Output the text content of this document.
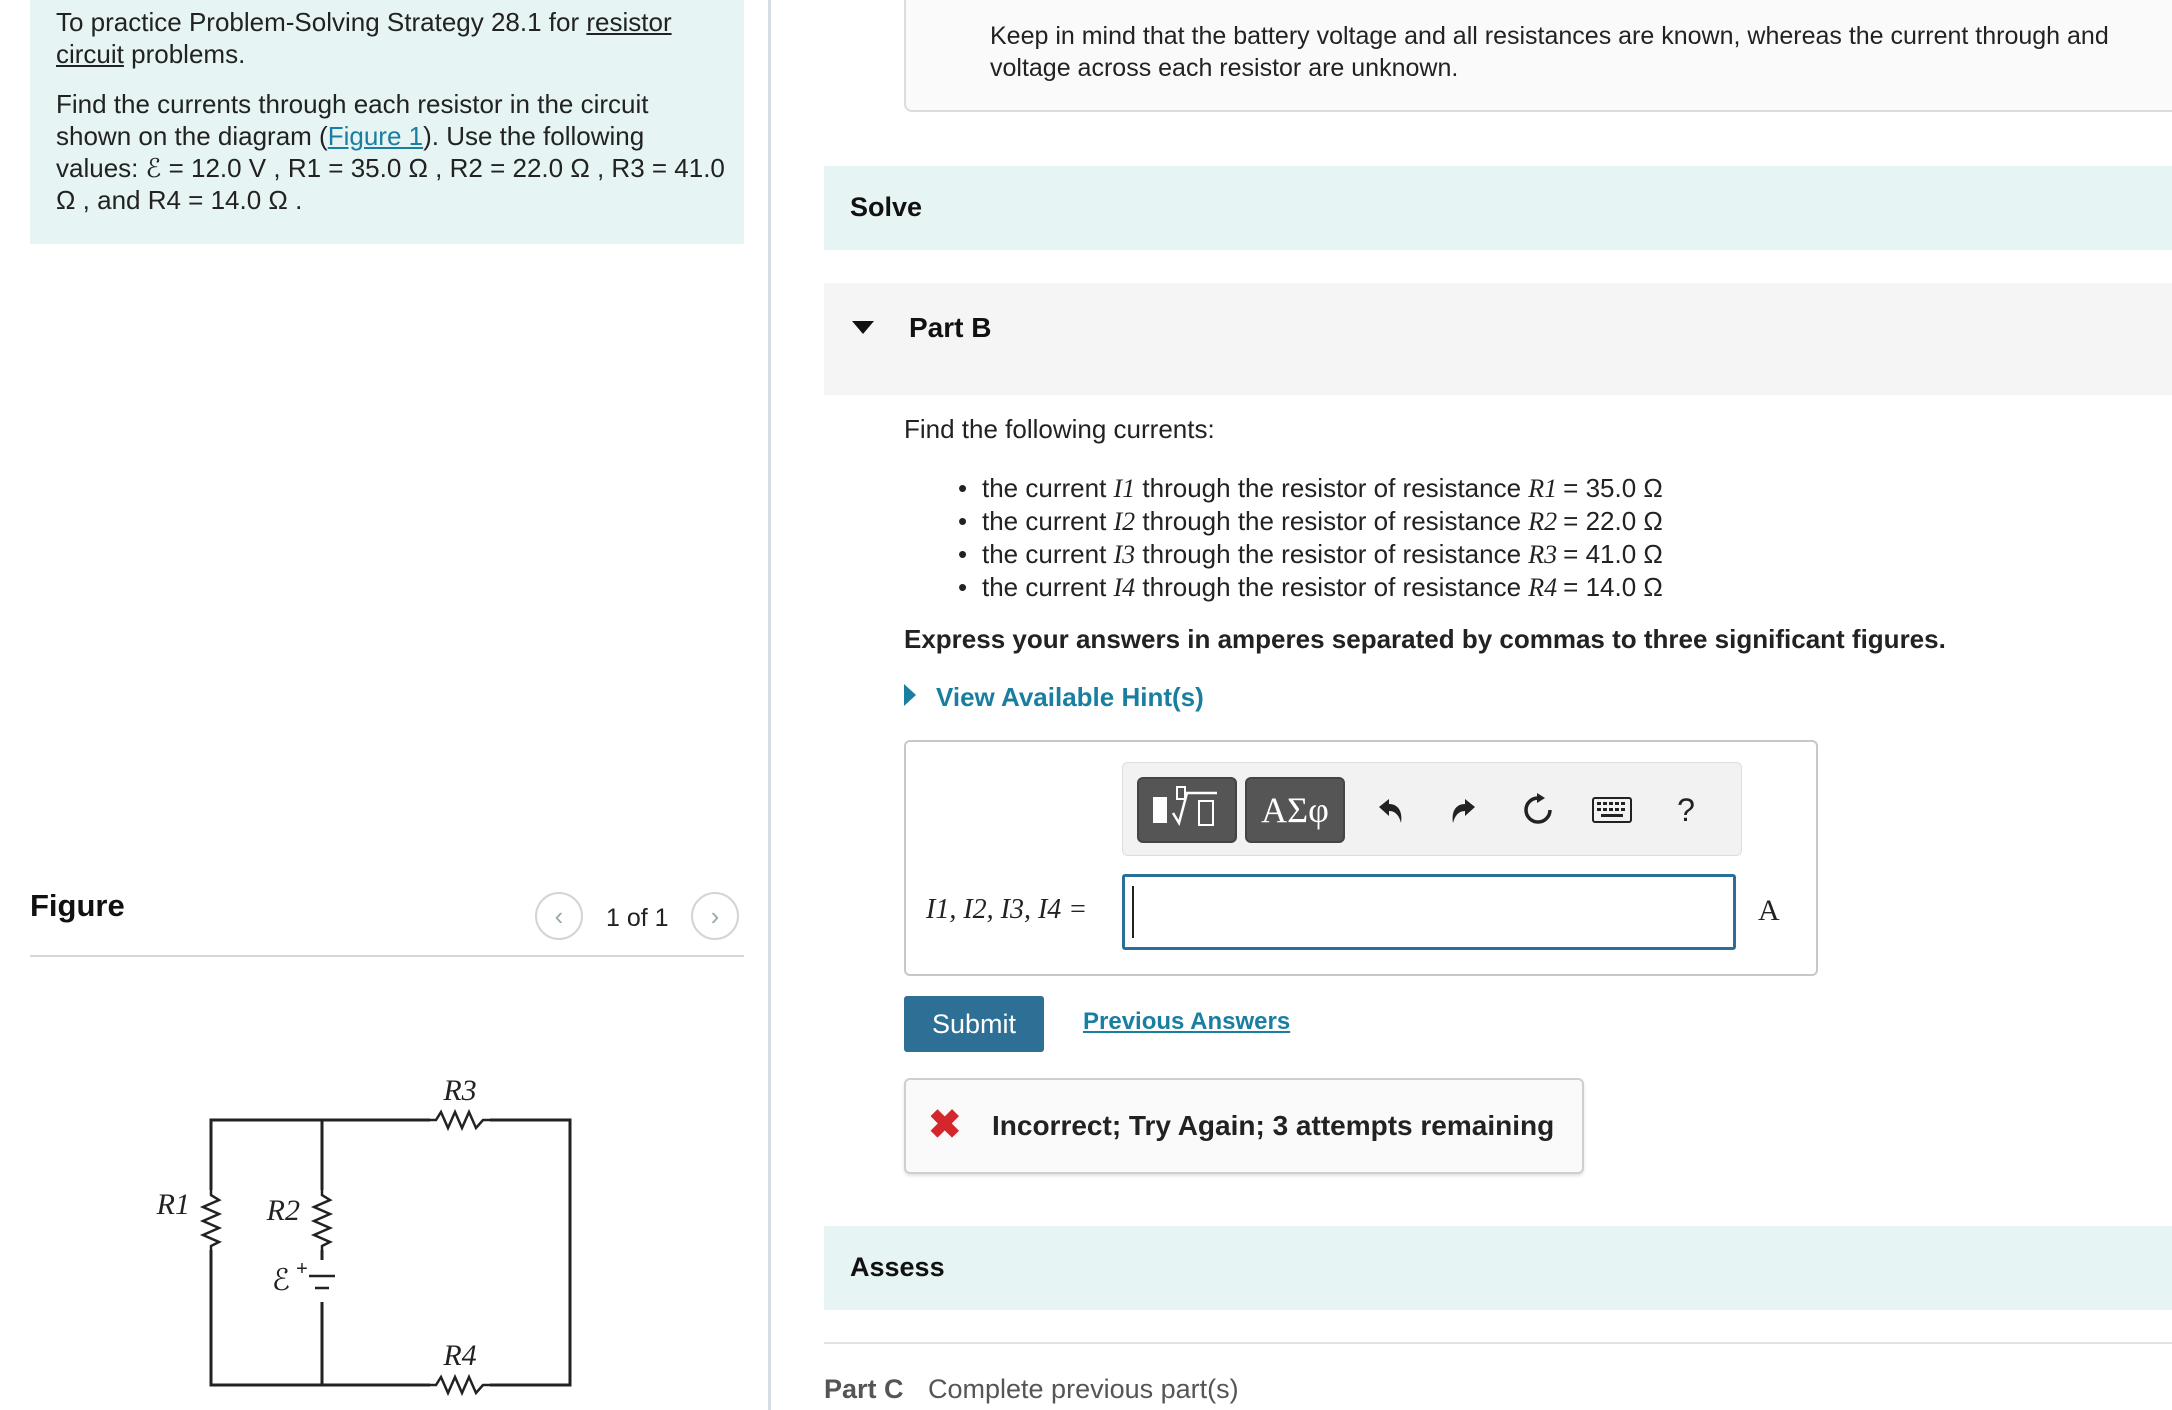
To practice Problem-Solving Strategy 28.1 for resistor circuit problems.

Find the currents through each resistor in the circuit shown on the diagram (Figure 1). Use the following values: ℰ = 12.0 V , R1 = 35.0 Ω , R2 = 22.0 Ω , R3 = 41.0 Ω , and R4 = 14.0 Ω .

Figure	‹ 1 of 1 ›
R1	R2
R3
R4
ℰ +

Keep in mind that the battery voltage and all resistances are known, whereas the current through and voltage across each resistor are unknown.

Solve
Part B
Find the following currents:
• the current I1 through the resistor of resistance R1 = 35.0 Ω
• the current I2 through the resistor of resistance R2 = 22.0 Ω
• the current I3 through the resistor of resistance R3 = 41.0 Ω
• the current I4 through the resistor of resistance R4 = 14.0 Ω
Express your answers in amperes separated by commas to three significant figures.
View Available Hint(s)
ΑΣφ	?
I1, I2, I3, I4 =	A
Submit	Previous Answers
✖ Incorrect; Try Again; 3 attempts remaining
Assess
Part C Complete previous part(s)
